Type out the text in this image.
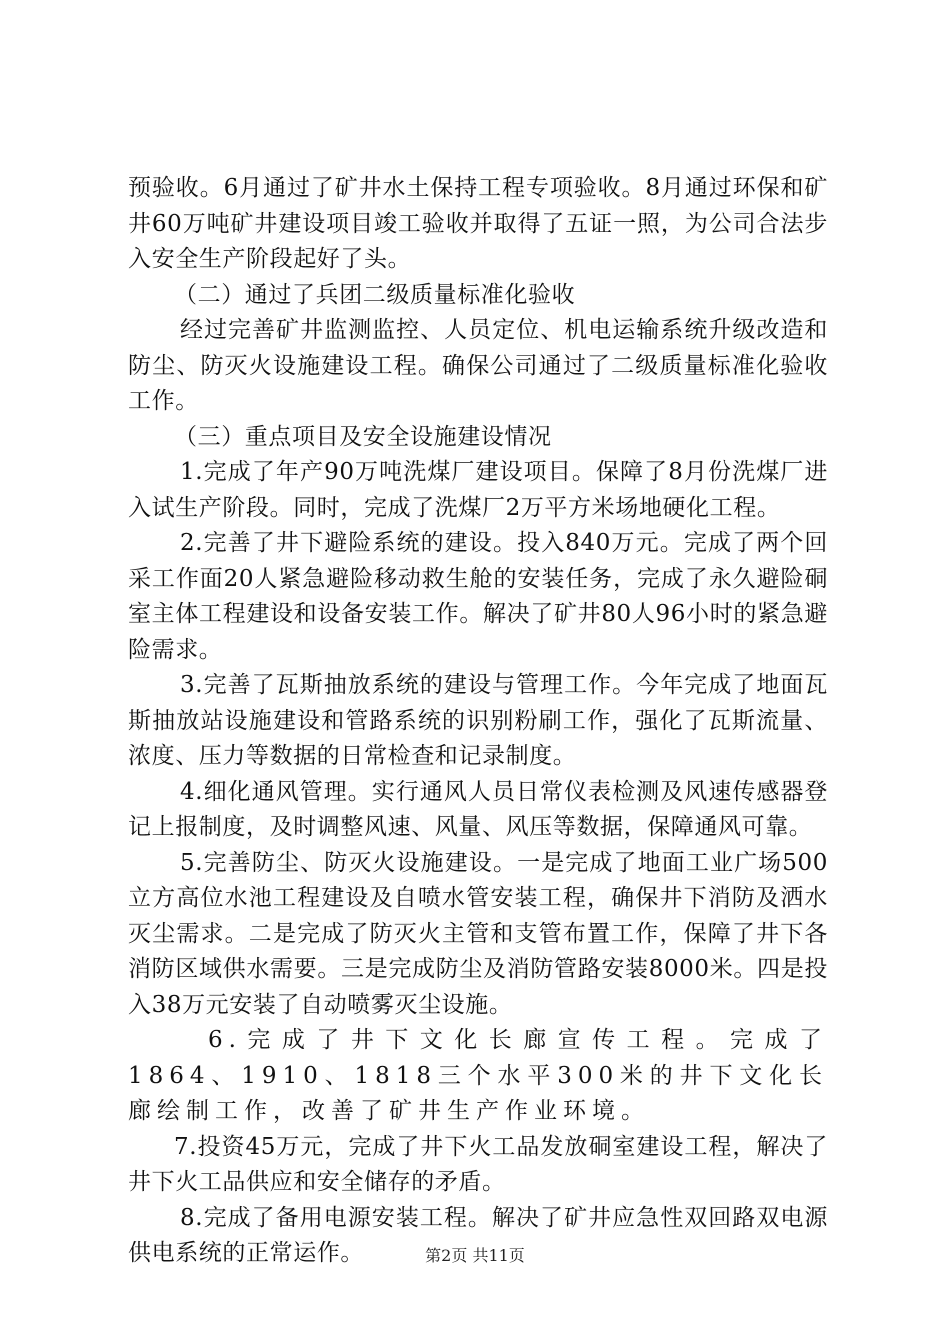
预验收。6月通过了矿井水土保持工程专项验收。8月通过环保和矿井60万吨矿井建设项目竣工验收并取得了五证一照，为公司合法步入安全生产阶段起好了头。

（二）通过了兵团二级质量标准化验收

经过完善矿井监测监控、人员定位、机电运输系统升级改造和防尘、防灭火设施建设工程。确保公司通过了二级质量标准化验收工作。

（三）重点项目及安全设施建设情况

1.完成了年产90万吨洗煤厂建设项目。保障了8月份洗煤厂进入试生产阶段。同时，完成了洗煤厂2万平方米场地硬化工程。

2.完善了井下避险系统的建设。投入840万元。完成了两个回采工作面20人紧急避险移动救生舱的安装任务，完成了永久避险硐室主体工程建设和设备安装工作。解决了矿井80人96小时的紧急避险需求。

3.完善了瓦斯抽放系统的建设与管理工作。今年完成了地面瓦斯抽放站设施建设和管路系统的识别粉刷工作，强化了瓦斯流量、浓度、压力等数据的日常检查和记录制度。

4.细化通风管理。实行通风人员日常仪表检测及风速传感器登记上报制度，及时调整风速、风量、风压等数据，保障通风可靠。

5.完善防尘、防灭火设施建设。一是完成了地面工业广场500立方高位水池工程建设及自喷水管安装工程，确保井下消防及洒水灭尘需求。二是完成了防灭火主管和支管布置工作，保障了井下各消防区域供水需要。三是完成防尘及消防管路安装8000米。四是投入38万元安装了自动喷雾灭尘设施。

6.完成了井下文化长廊宣传工程。完成了1864、1910、1818三个水平300米的井下文化长廊绘制工作，改善了矿井生产作业环境。

7.投资45万元，完成了井下火工品发放硐室建设工程，解决了井下火工品供应和安全储存的矛盾。

8.完成了备用电源安装工程。解决了矿井应急性双回路双电源供电系统的正常运作。	第2页 共11页
